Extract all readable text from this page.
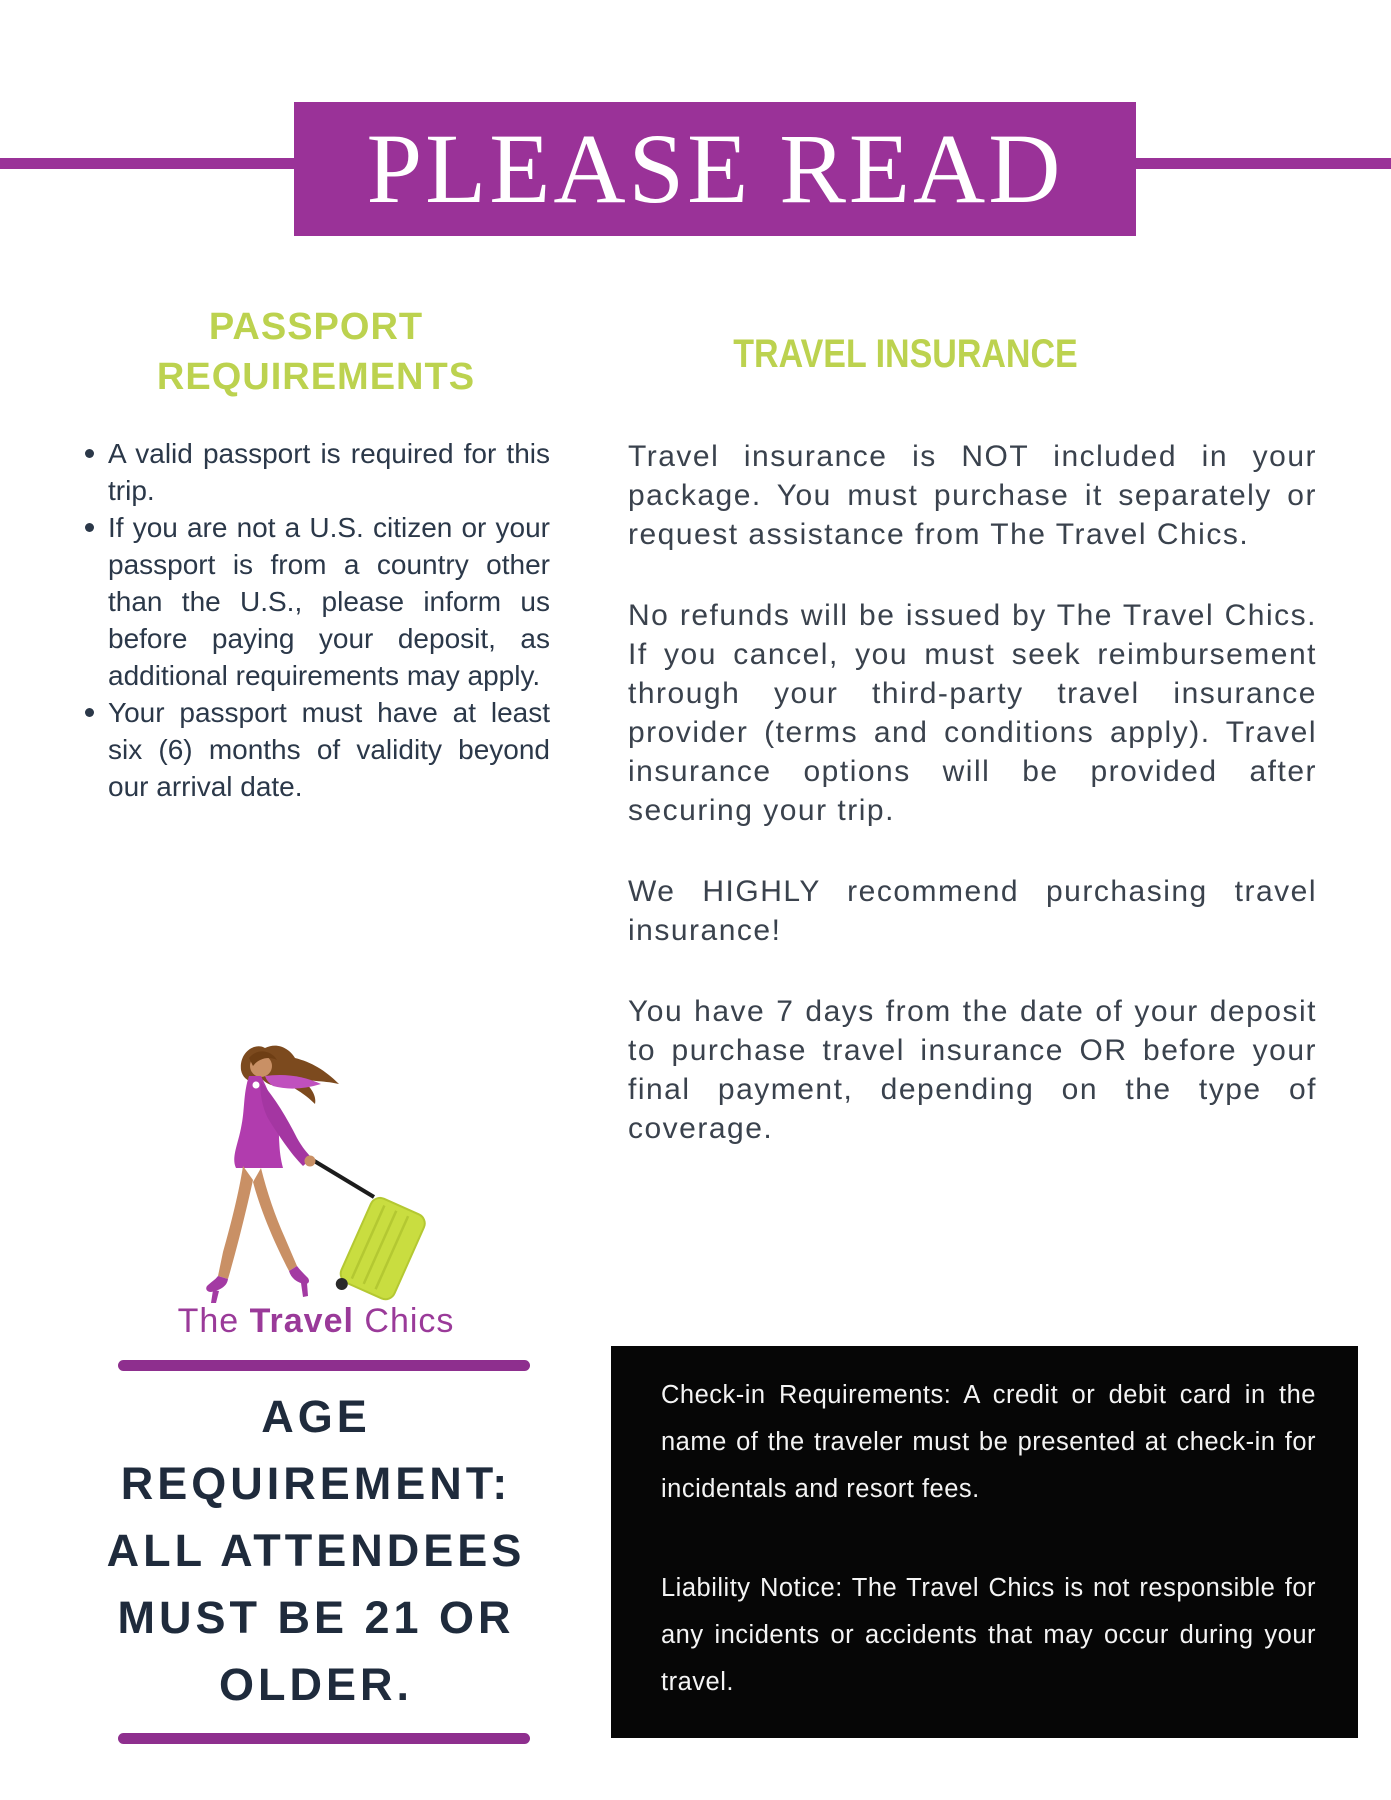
PLEASE READ
PASSPORT REQUIREMENTS
A valid passport is required for this trip.
If you are not a U.S. citizen or your passport is from a country other than the U.S., please inform us before paying your deposit, as additional requirements may apply.
Your passport must have at least six (6) months of validity beyond our arrival date.
TRAVEL INSURANCE

Travel insurance is NOT included in your package. You must purchase it separately or request assistance from The Travel Chics.

No refunds will be issued by The Travel Chics. If you cancel, you must seek reimbursement through your third-party travel insurance provider (terms and conditions apply). Travel insurance options will be provided after securing your trip.

We HIGHLY recommend purchasing travel insurance!

You have 7 days from the date of your deposit to purchase travel insurance OR before your final payment, depending on the type of coverage.

The Travel Chics
AGE
REQUIREMENT:
ALL ATTENDEES
MUST BE 21 OR
OLDER.

Check-in Requirements: A credit or debit card in the name of the traveler must be presented at check-in for incidentals and resort fees.

Liability Notice: The Travel Chics is not responsible for any incidents or accidents that may occur during your travel.
